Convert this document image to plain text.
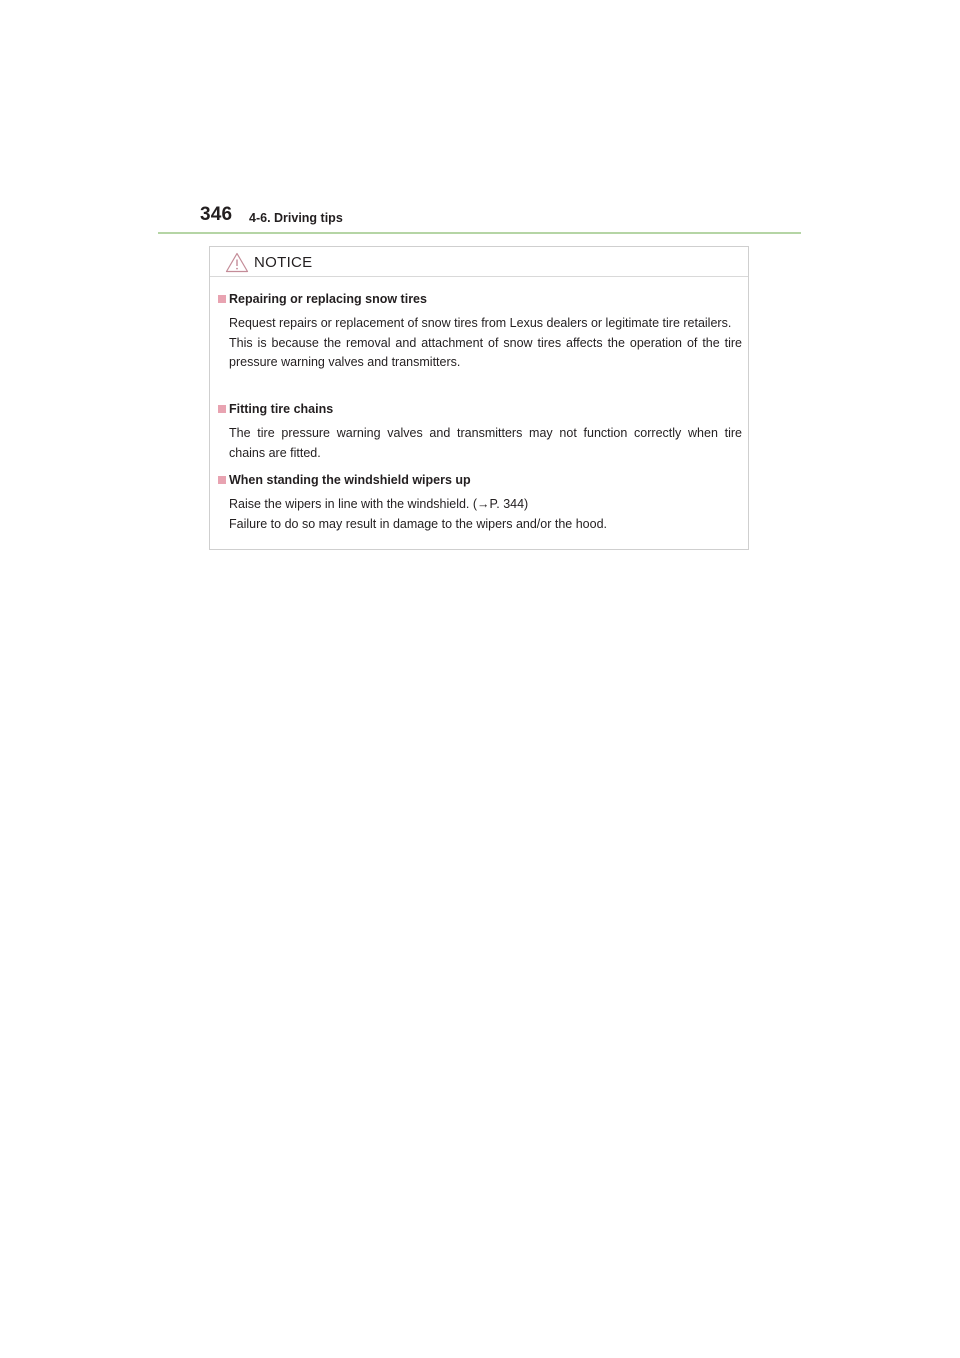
346 4-6. Driving tips
NOTICE
Repairing or replacing snow tires

Request repairs or replacement of snow tires from Lexus dealers or legitimate tire retailers.

This is because the removal and attachment of snow tires affects the operation of the tire pressure warning valves and transmitters.

Fitting tire chains

The tire pressure warning valves and transmitters may not function correctly when tire chains are fitted.

When standing the windshield wipers up

Raise the wipers in line with the windshield. (→P. 344)

Failure to do so may result in damage to the wipers and/or the hood.
